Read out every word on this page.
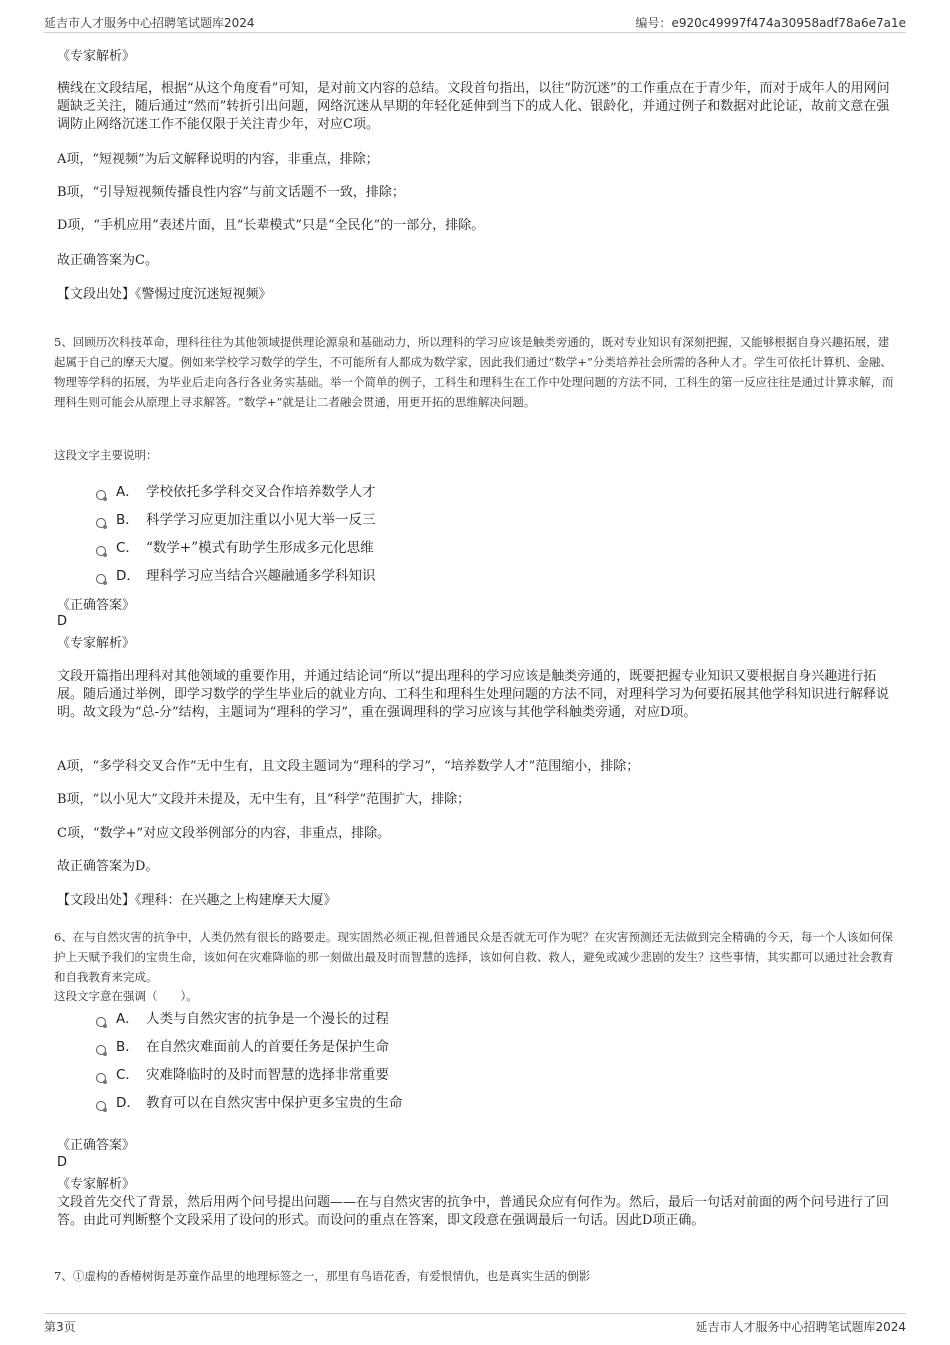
延吉市人才服务中心招聘笔试题库2024	编号：e920c49997f474a30958adf78a6e7a1e
《专家解析》
横线在文段结尾，根据“从这个角度看”可知，是对前文内容的总结。文段首句指出，以往“防沉迷”的工作重点在于青少年，而对于成年人的用网问题缺乏关注，随后通过“然而”转折引出问题，网络沉迷从早期的年轻化延伸到当下的成人化、银龄化，并通过例子和数据对此论证，故前文意在强调防止网络沉迷工作不能仅限于关注青少年，对应C项。
A项，“短视频”为后文解释说明的内容，非重点，排除；
B项，“引导短视频传播良性内容”与前文话题不一致，排除；
D项，“手机应用”表述片面，且“长辈模式”只是“全民化”的一部分，排除。
故正确答案为C。
【文段出处】《警惕过度沉迷短视频》
5、回顾历次科技革命，理科往往为其他领域提供理论源泉和基础动力，所以理科的学习应该是触类旁通的，既对专业知识有深刻把握，又能够根据自身兴趣拓展，建起属于自己的摩天大厦。例如来学校学习数学的学生，不可能所有人都成为数学家，因此我们通过“数学+”分类培养社会所需的各种人才。学生可依托计算机、金融、物理等学科的拓展，为毕业后走向各行各业务实基础。举一个简单的例子，工科生和理科生在工作中处理问题的方法不同，工科生的第一反应往往是通过计算求解，而理科生则可能会从原理上寻求解答。“数学+”就是让二者融会贯通，用更开拓的思维解决问题。
这段文字主要说明：
A． 学校依托多学科交叉合作培养数学人才
B． 科学学习应更加注重以小见大举一反三
C． “数学+”模式有助学生形成多元化思维
D． 理科学习应当结合兴趣融通多学科知识
《正确答案》
D
《专家解析》
文段开篇指出理科对其他领域的重要作用，并通过结论词“所以”提出理科的学习应该是触类旁通的，既要把握专业知识又要根据自身兴趣进行拓展。随后通过举例，即学习数学的学生毕业后的就业方向、工科生和理科生处理问题的方法不同，对理科学习为何要拓展其他学科知识进行解释说明。故文段为“总-分”结构，主题词为“理科的学习”，重在强调理科的学习应该与其他学科触类旁通，对应D项。
A项，“多学科交叉合作”无中生有，且文段主题词为“理科的学习”，“培养数学人才”范围缩小，排除；
B项，“以小见大”文段并未提及，无中生有，且“科学”范围扩大，排除；
C项，“数学+”对应文段举例部分的内容，非重点，排除。
故正确答案为D。
【文段出处】《理科：在兴趣之上构建摩天大厦》
6、在与自然灾害的抗争中，人类仍然有很长的路要走。现实固然必须正视,但普通民众是否就无可作为呢？在灾害预测还无法做到完全精确的今天，每一个人该如何保护上天赋予我们的宝贵生命，该如何在灾难降临的那一刻做出最及时而智慧的选择，该如何自救、救人，避免或减少悲剧的发生？这些事情，其实都可以通过社会教育和自我教育来完成。
这段文字意在强调（　　）。
A． 人类与自然灾害的抗争是一个漫长的过程
B． 在自然灾难面前人的首要任务是保护生命
C． 灾难降临时的及时而智慧的选择非常重要
D． 教育可以在自然灾害中保护更多宝贵的生命
《正确答案》
D
《专家解析》
文段首先交代了背景，然后用两个问号提出问题——在与自然灾害的抗争中，普通民众应有何作为。然后，最后一句话对前面的两个问号进行了回答。由此可判断整个文段采用了设问的形式。而设问的重点在答案，即文段意在强调最后一句话。因此D项正确。
7、①虚构的香椿树街是苏童作品里的地理标签之一，那里有鸟语花香，有爱恨情仇，也是真实生活的倒影
第3页	延吉市人才服务中心招聘笔试题库2024
